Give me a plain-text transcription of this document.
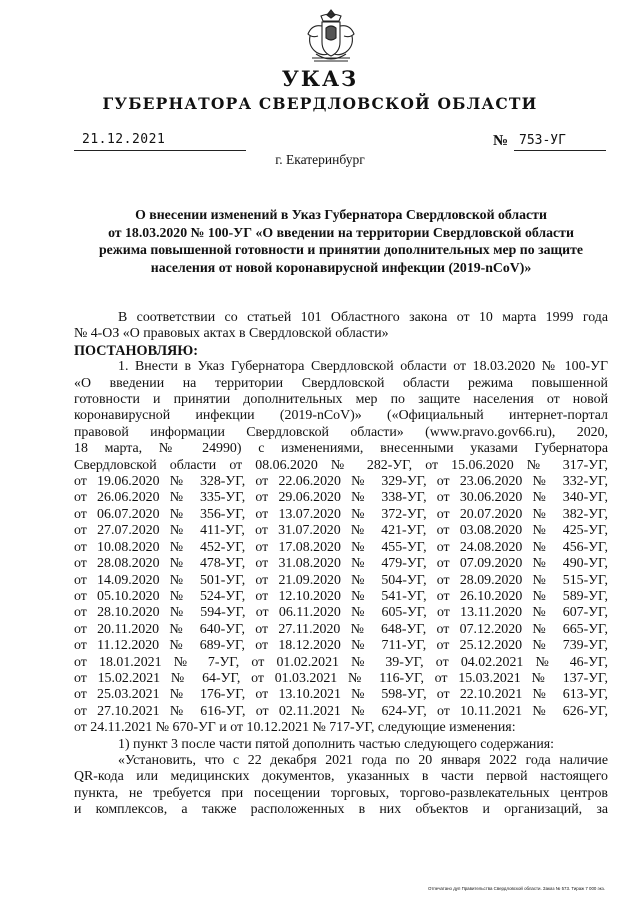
УКАЗ
ГУБЕРНАТОРА СВЕРДЛОВСКОЙ ОБЛАСТИ
21.12.2021	№ 753-УГ
г. Екатеринбург
О внесении изменений в Указ Губернатора Свердловской области
от 18.03.2020 № 100-УГ «О введении на территории Свердловской области
режима повышенной готовности и принятии дополнительных мер по защите
населения от новой коронавирусной инфекции (2019-nCoV)»

В соответствии со статьей 101 Областного закона от 10 марта 1999 года

№ 4-ОЗ «О правовых актах в Свердловской области»

ПОСТАНОВЛЯЮ:

1. Внести в Указ Губернатора Свердловской области от 18.03.2020 № 100-УГ

«О введении на территории Свердловской области режима повышенной

готовности и принятии дополнительных мер по защите населения от новой

коронавирусной инфекции (2019-nCoV)» («Официальный интернет-портал

правовой информации Свердловской области» (www.pravo.gov66.ru), 2020,

18 марта, № 24990) с изменениями, внесенными указами Губернатора

Свердловской области от 08.06.2020 № 282-УГ, от 15.06.2020 № 317-УГ,

от 19.06.2020 № 328-УГ, от 22.06.2020 № 329-УГ, от 23.06.2020 № 332-УГ,

от 26.06.2020 № 335-УГ, от 29.06.2020 № 338-УГ, от 30.06.2020 № 340-УГ,

от 06.07.2020 № 356-УГ, от 13.07.2020 № 372-УГ, от 20.07.2020 № 382-УГ,

от 27.07.2020 № 411-УГ, от 31.07.2020 № 421-УГ, от 03.08.2020 № 425-УГ,

от 10.08.2020 № 452-УГ, от 17.08.2020 № 455-УГ, от 24.08.2020 № 456-УГ,

от 28.08.2020 № 478-УГ, от 31.08.2020 № 479-УГ, от 07.09.2020 № 490-УГ,

от 14.09.2020 № 501-УГ, от 21.09.2020 № 504-УГ, от 28.09.2020 № 515-УГ,

от 05.10.2020 № 524-УГ, от 12.10.2020 № 541-УГ, от 26.10.2020 № 589-УГ,

от 28.10.2020 № 594-УГ, от 06.11.2020 № 605-УГ, от 13.11.2020 № 607-УГ,

от 20.11.2020 № 640-УГ, от 27.11.2020 № 648-УГ, от 07.12.2020 № 665-УГ,

от 11.12.2020 № 689-УГ, от 18.12.2020 № 711-УГ, от 25.12.2020 № 739-УГ,

от 18.01.2021 № 7-УГ, от 01.02.2021 № 39-УГ, от 04.02.2021 № 46-УГ,

от 15.02.2021 № 64-УГ, от 01.03.2021 № 116-УГ, от 15.03.2021 № 137-УГ,

от 25.03.2021 № 176-УГ, от 13.10.2021 № 598-УГ, от 22.10.2021 № 613-УГ,

от 27.10.2021 № 616-УГ, от 02.11.2021 № 624-УГ, от 10.11.2021 № 626-УГ,

от 24.11.2021 № 670-УГ и от 10.12.2021 № 717-УГ, следующие изменения:

1) пункт 3 после части пятой дополнить частью следующего содержания:

«Установить, что с 22 декабря 2021 года по 20 января 2022 года наличие

QR-кода или медицинских документов, указанных в части первой настоящего

пункта, не требуется при посещении торговых, торгово-развлекательных центров

и комплексов, а также расположенных в них объектов и организаций, за

Отпечатано дуп Правительства Свердловской области. Заказ № 573. Тираж 7 000 экз.
